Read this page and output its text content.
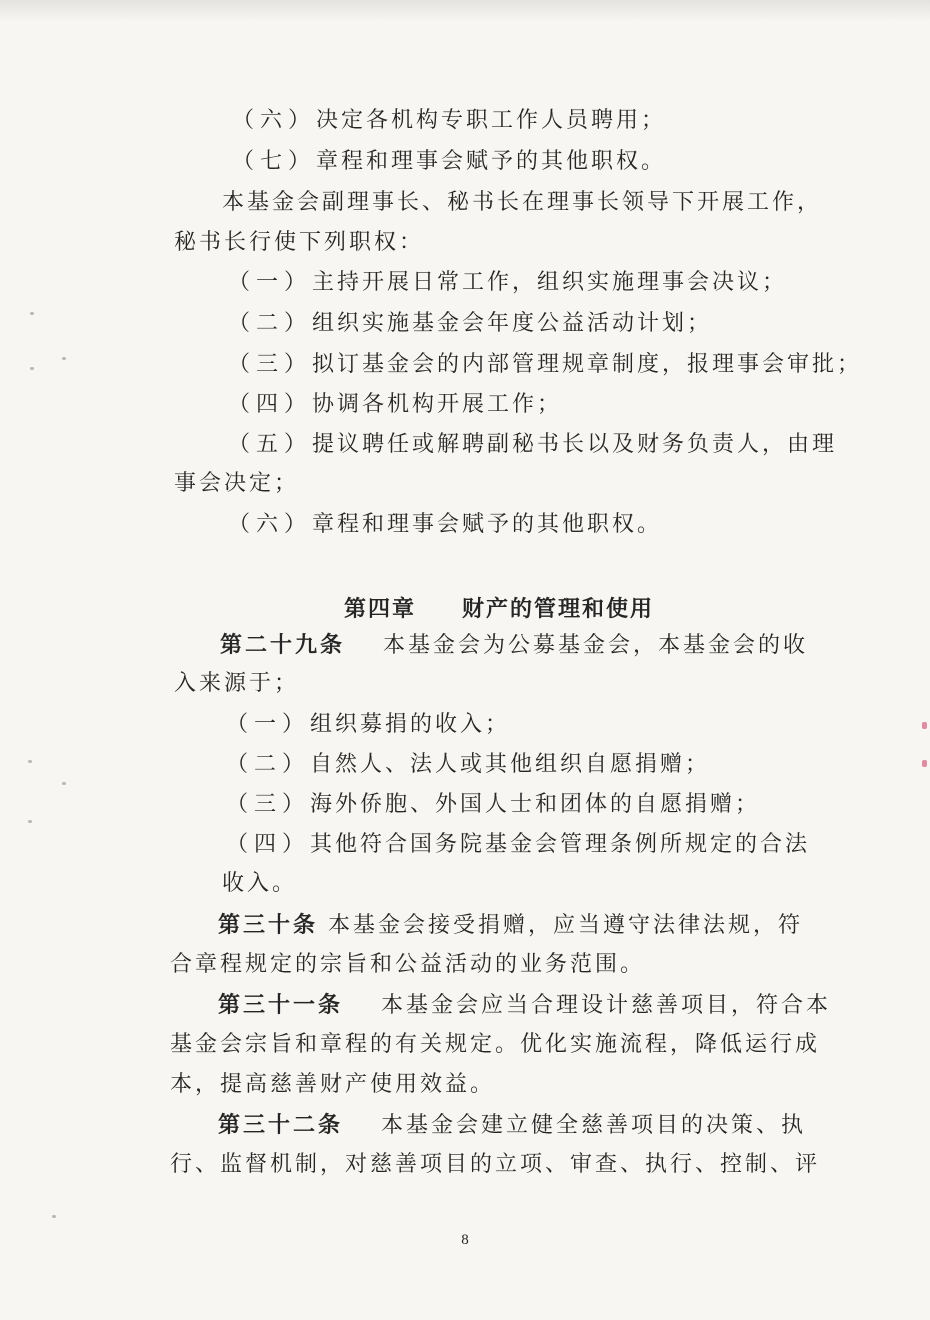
（六）决定各机构专职工作人员聘用；
（七）章程和理事会赋予的其他职权。
本基金会副理事长、秘书长在理事长领导下开展工作，
秘书长行使下列职权：
（一）主持开展日常工作，组织实施理事会决议；
（二）组织实施基金会年度公益活动计划；
（三）拟订基金会的内部管理规章制度，报理事会审批；
（四）协调各机构开展工作；
（五）提议聘任或解聘副秘书长以及财务负责人，由理
事会决定；
（六）章程和理事会赋予的其他职权。
第四章 财产的管理和使用
第二十九条 本基金会为公募基金会，本基金会的收
入来源于；
（一）组织募捐的收入；
（二）自然人、法人或其他组织自愿捐赠；
（三）海外侨胞、外国人士和团体的自愿捐赠；
（四）其他符合国务院基金会管理条例所规定的合法
收入。
第三十条 本基金会接受捐赠，应当遵守法律法规，符
合章程规定的宗旨和公益活动的业务范围。
第三十一条 本基金会应当合理设计慈善项目，符合本
基金会宗旨和章程的有关规定。优化实施流程，降低运行成
本，提高慈善财产使用效益。
第三十二条 本基金会建立健全慈善项目的决策、执
行、监督机制，对慈善项目的立项、审查、执行、控制、评
8
